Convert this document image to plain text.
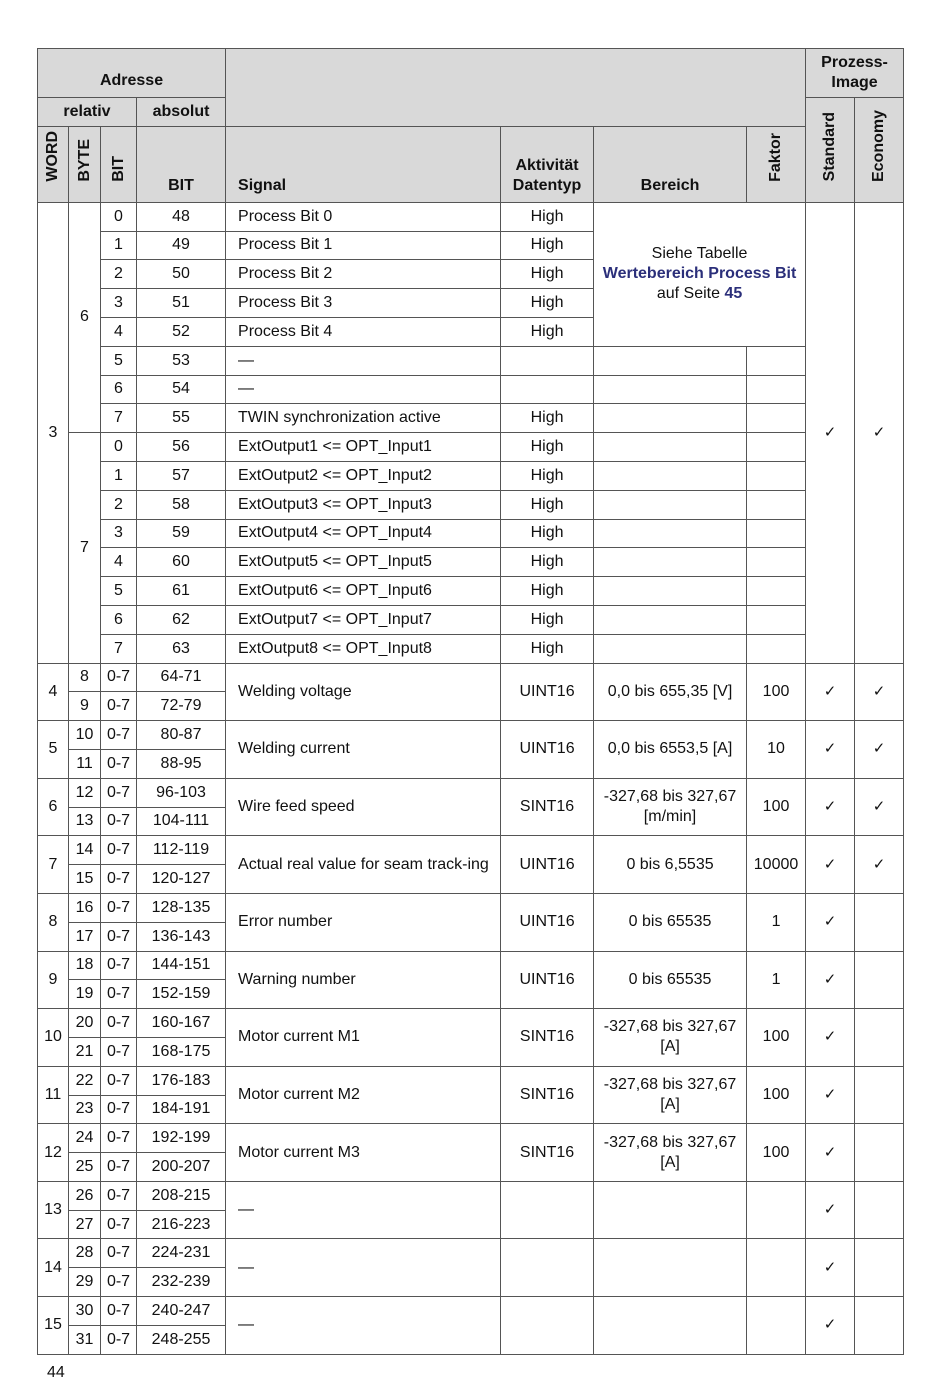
Adresse								Prozess-Image	
relativ			absolut					Standard	Economy
WORD	BYTE	BIT	BIT	Signal	Aktivität Datentyp	Bereich	Faktor		
3	6	0	48	Process Bit 0	High	Siehe Tabelle Wertebereich Process Bit auf Seite 45		✓	✓
		1	49	Process Bit 1	High				
		2	50	Process Bit 2	High				
		3	51	Process Bit 3	High				
		4	52	Process Bit 4	High				
		5	53	—					
		6	54	—					
		7	55	TWIN synchronization active	High				
	7	0	56	ExtOutput1 <= OPT_Input1	High				
		1	57	ExtOutput2 <= OPT_Input2	High				
		2	58	ExtOutput3 <= OPT_Input3	High				
		3	59	ExtOutput4 <= OPT_Input4	High				
		4	60	ExtOutput5 <= OPT_Input5	High				
		5	61	ExtOutput6 <= OPT_Input6	High				
		6	62	ExtOutput7 <= OPT_Input7	High				
		7	63	ExtOutput8 <= OPT_Input8	High				
4	8	0-7	64-71	Welding voltage	UINT16	0,0 bis 655,35 [V]	100	✓	✓
	9	0-7	72-79						
5	10	0-7	80-87	Welding current	UINT16	0,0 bis 6553,5 [A]	10	✓	✓
	11	0-7	88-95						
6	12	0-7	96-103	Wire feed speed	SINT16	-327,68 bis 327,67 [m/min]	100	✓	✓
	13	0-7	104-111						
7	14	0-7	112-119	Actual real value for seam track-ing	UINT16	0 bis 6,5535	10000	✓	✓
	15	0-7	120-127						
8	16	0-7	128-135	Error number	UINT16	0 bis 65535	1	✓	
	17	0-7	136-143						
9	18	0-7	144-151	Warning number	UINT16	0 bis 65535	1	✓	
	19	0-7	152-159						
10	20	0-7	160-167	Motor current M1	SINT16	-327,68 bis 327,67 [A]	100	✓	
	21	0-7	168-175						
11	22	0-7	176-183	Motor current M2	SINT16	-327,68 bis 327,67 [A]	100	✓	
	23	0-7	184-191						
12	24	0-7	192-199	Motor current M3	SINT16	-327,68 bis 327,67 [A]	100	✓	
	25	0-7	200-207						
13	26	0-7	208-215	—				✓	
	27	0-7	216-223						
14	28	0-7	224-231	—				✓	
	29	0-7	232-239						
15	30	0-7	240-247	—				✓	
	31	0-7	248-255						
44
